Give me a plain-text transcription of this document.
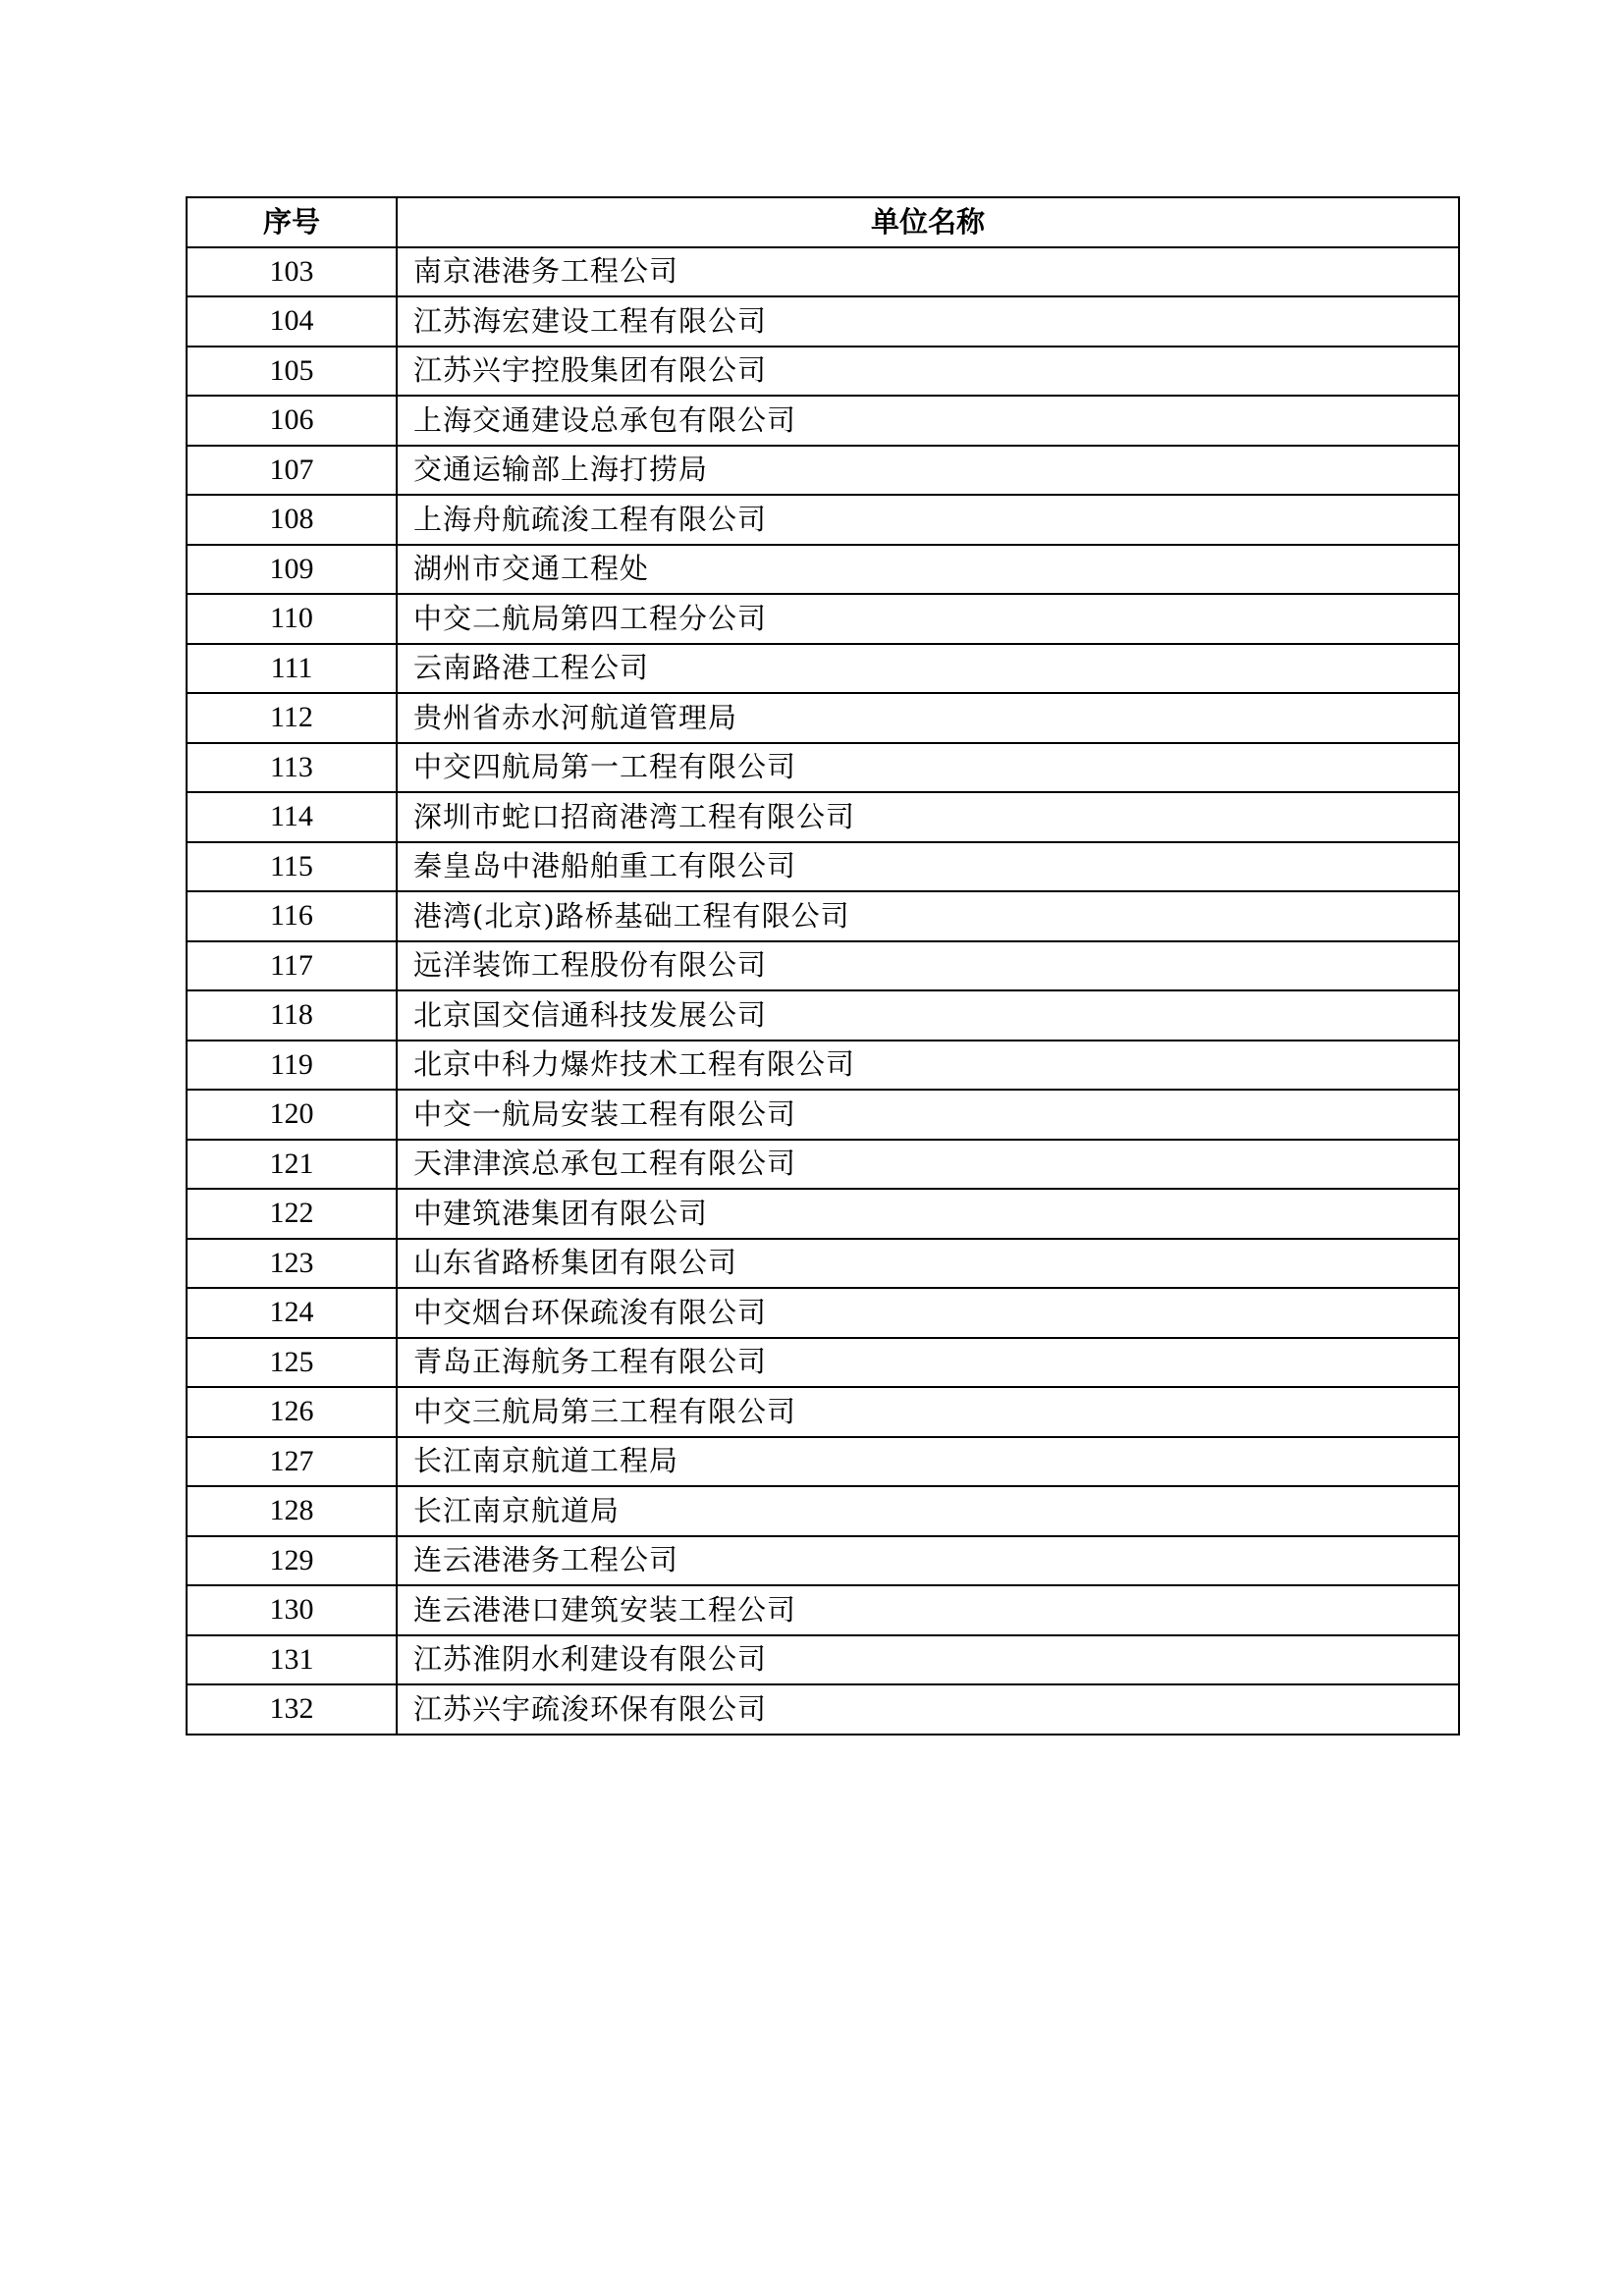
序号	单位名称
103	南京港港务工程公司
104	江苏海宏建设工程有限公司
105	江苏兴宇控股集团有限公司
106	上海交通建设总承包有限公司
107	交通运输部上海打捞局
108	上海舟航疏浚工程有限公司
109	湖州市交通工程处
110	中交二航局第四工程分公司
111	云南路港工程公司
112	贵州省赤水河航道管理局
113	中交四航局第一工程有限公司
114	深圳市蛇口招商港湾工程有限公司
115	秦皇岛中港船舶重工有限公司
116	港湾(北京)路桥基础工程有限公司
117	远洋装饰工程股份有限公司
118	北京国交信通科技发展公司
119	北京中科力爆炸技术工程有限公司
120	中交一航局安装工程有限公司
121	天津津滨总承包工程有限公司
122	中建筑港集团有限公司
123	山东省路桥集团有限公司
124	中交烟台环保疏浚有限公司
125	青岛正海航务工程有限公司
126	中交三航局第三工程有限公司
127	长江南京航道工程局
128	长江南京航道局
129	连云港港务工程公司
130	连云港港口建筑安装工程公司
131	江苏淮阴水利建设有限公司
132	江苏兴宇疏浚环保有限公司
